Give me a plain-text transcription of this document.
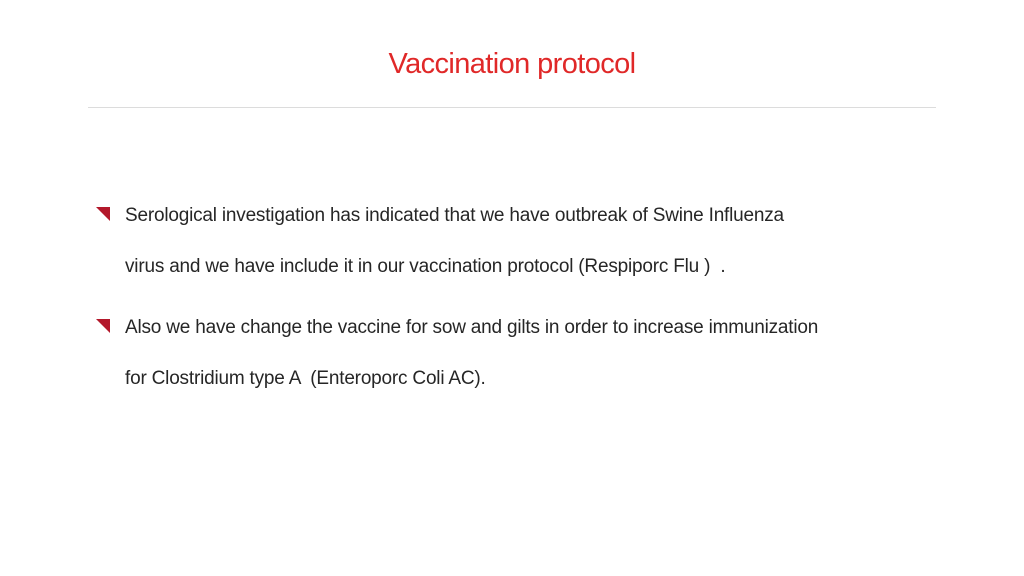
Vaccination protocol
Serological investigation has indicated that we have outbreak of Swine Influenza
virus and we have include it in our vaccination protocol (Respiporc Flu )  .
Also we have change the vaccine for sow and gilts in order to increase immunization
for Clostridium type A  (Enteroporc Coli AC).
